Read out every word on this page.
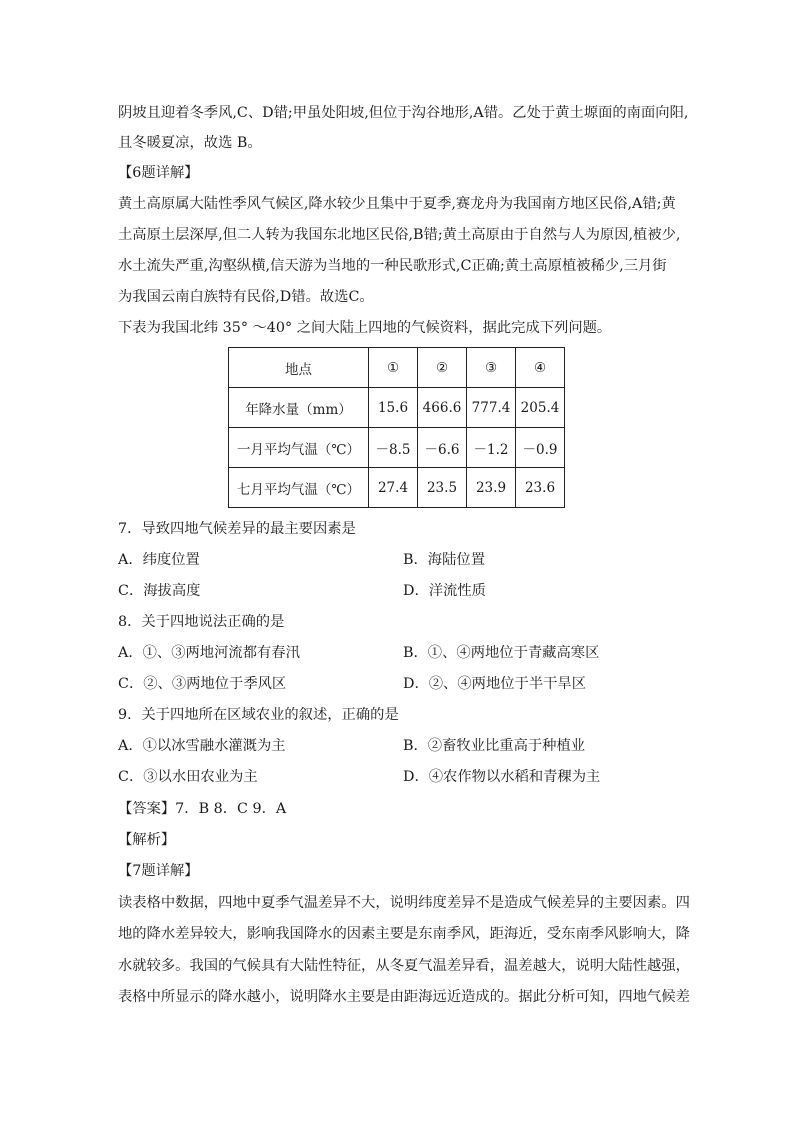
阴坡且迎着冬季风,C、D错;甲虽处阳坡,但位于沟谷地形,A错。乙处于黄土塬面的南面向阳,
且冬暖夏凉，故选 B。
【6题详解】
黄土高原属大陆性季风气候区,降水较少且集中于夏季,赛龙舟为我国南方地区民俗,A错;黄
土高原土层深厚,但二人转为我国东北地区民俗,B错;黄土高原由于自然与人为原因,植被少,
水土流失严重,沟壑纵横,信天游为当地的一种民歌形式,C正确;黄土高原植被稀少,三月街
为我国云南白族特有民俗,D错。故选C。
下表为我国北纬 35° ～40° 之间大陆上四地的气候资料，据此完成下列问题。
地点	①	②	③	④
年降水量（mm）	15.6	466.6	777.4	205.4
一月平均气温（℃）	－8.5	－6.6	－1.2	－0.9
七月平均气温（℃）	27.4	23.5	23.9	23.6
7．导致四地气候差异的最主要因素是
A．纬度位置	B．海陆位置
C．海拔高度	D．洋流性质
8．关于四地说法正确的是
A．①、③两地河流都有春汛	B．①、④两地位于青藏高寒区
C．②、③两地位于季风区	D．②、④两地位于半干旱区
9．关于四地所在区域农业的叙述，正确的是
A．①以冰雪融水灌溉为主	B．②畜牧业比重高于种植业
C．③以水田农业为主	D．④农作物以水稻和青稞为主
【答案】7．B 8．C 9．A
【解析】
【7题详解】
读表格中数据，四地中夏季气温差异不大，说明纬度差异不是造成气候差异的主要因素。四
地的降水差异较大，影响我国降水的因素主要是东南季风，距海近，受东南季风影响大，降
水就较多。我国的气候具有大陆性特征，从冬夏气温差异看，温差越大，说明大陆性越强，
表格中所显示的降水越小，说明降水主要是由距海远近造成的。据此分析可知，四地气候差
